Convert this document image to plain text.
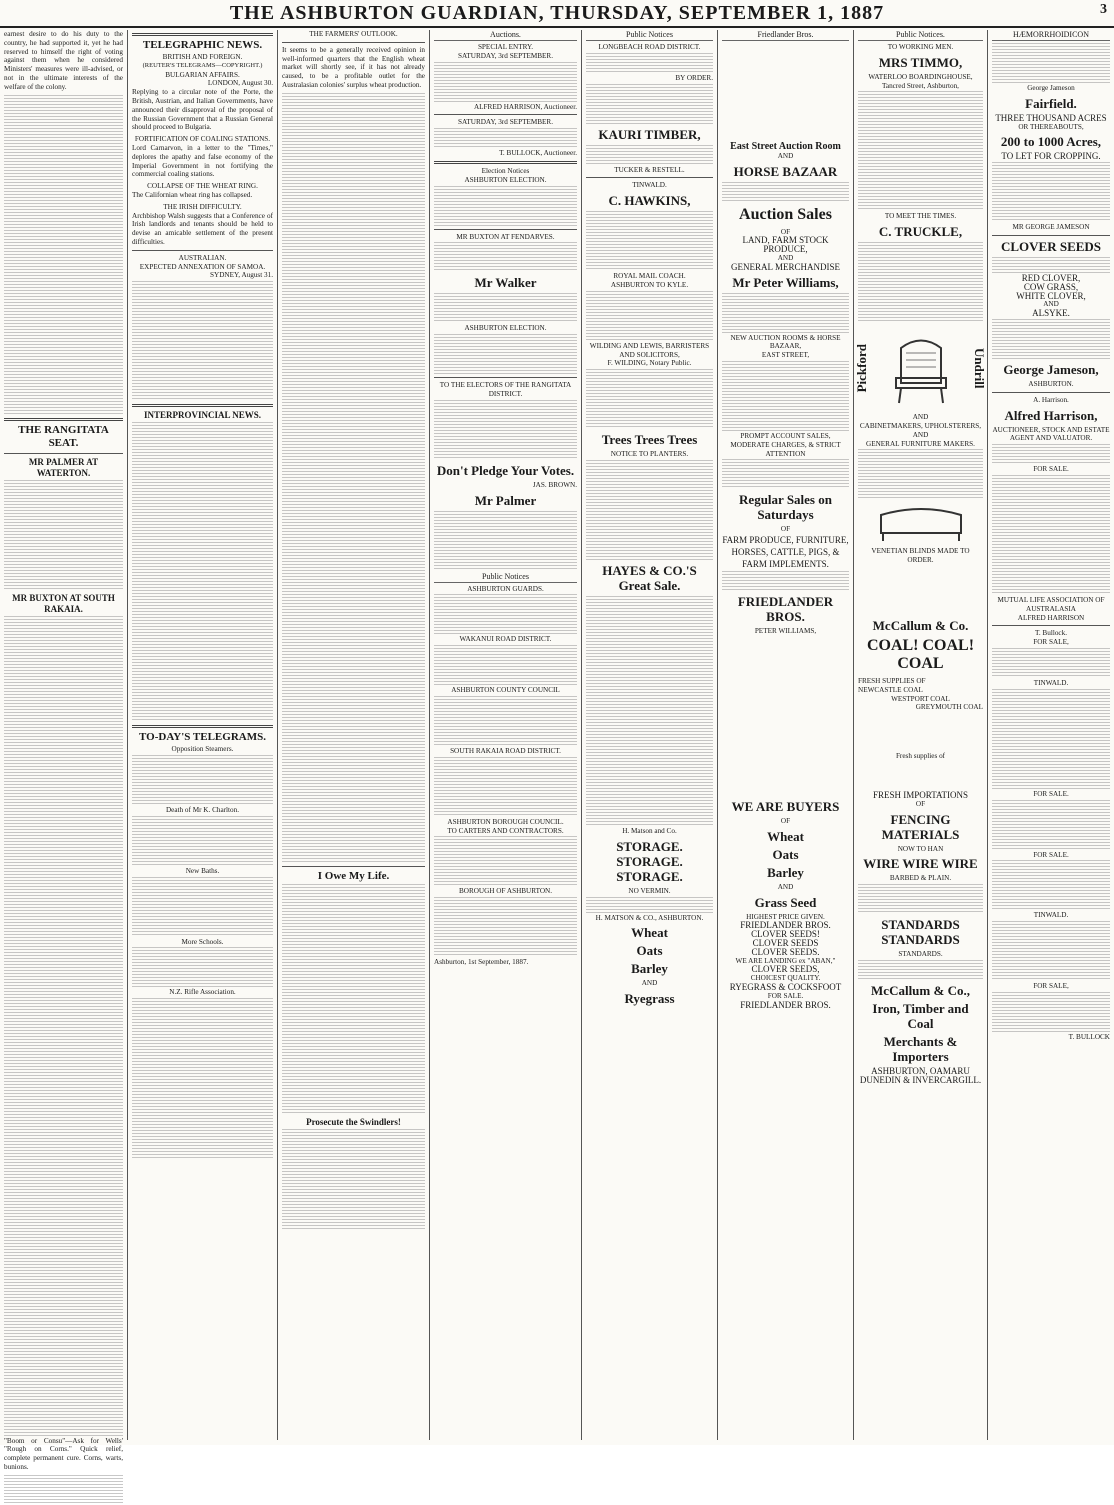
THE ASHBURTON GUARDIAN, THURSDAY, SEPTEMBER 1, 1887	3

earnest desire to do his duty to the country, he had supported it, yet he had reserved to himself the right of voting against them when he considered Ministers' measures were ill-advised, or not in the ultimate interests of the welfare of the colony.

THE RANGITATA SEAT.
MR PALMER AT WATERTON.
MR BUXTON AT SOUTH RAKAIA.

"Boom or Consu"—Ask for Wells' "Rough on Corns." Quick relief, complete permanent cure. Corns, warts, bunions.

TELEGRAPHIC NEWS.
BRITISH AND FOREIGN.
(REUTER'S TELEGRAMS—COPYRIGHT.)
BULGARIAN AFFAIRS.
LONDON, August 30.

Replying to a circular note of the Porte, the British, Austrian, and Italian Governments, have announced their disapproval of the proposal of the Russian Government that a Russian General should proceed to Bulgaria.

FORTIFICATION OF COALING STATIONS.

Lord Carnarvon, in a letter to the "Times," deplores the apathy and false economy of the Imperial Government in not fortifying the commercial coaling stations.

COLLAPSE OF THE WHEAT RING.

The Californian wheat ring has collapsed.

THE IRISH DIFFICULTY.

Archbishop Walsh suggests that a Conference of Irish landlords and tenants should be held to devise an amicable settlement of the present difficulties.

AUSTRALIAN.
EXPECTED ANNEXATION OF SAMOA.
SYDNEY, August 31.
INTERPROVINCIAL NEWS.
TO-DAY'S TELEGRAMS.
Opposition Steamers.
Death of Mr K. Charlton.
New Baths.
More Schools.
N.Z. Rifle Association.
THE FARMERS' OUTLOOK.

It seems to be a generally received opinion in well-informed quarters that the English wheat market will shortly see, if it has not already caused, to be a profitable outlet for the Australasian colonies' surplus wheat production.

I Owe My Life.
Prosecute the Swindlers!
Auctions.
SPECIAL ENTRY.
SATURDAY, 3rd SEPTEMBER.
ALFRED HARRISON, Auctioneer.
SATURDAY, 3rd SEPTEMBER.
T. BULLOCK, Auctioneer.
Election Notices
ASHBURTON ELECTION.
MR BUXTON AT FENDARVES.
Mr Walker
ASHBURTON ELECTION.
TO THE ELECTORS OF THE RANGITATA DISTRICT.
Don't Pledge Your Votes.
JAS. BROWN.
Mr Palmer
Public Notices
ASHBURTON GUARDS.
WAKANUI ROAD DISTRICT.
ASHBURTON COUNTY COUNCIL
SOUTH RAKAIA ROAD DISTRICT.
ASHBURTON BOROUGH COUNCIL.
TO CARTERS AND CONTRACTORS.
BOROUGH OF ASHBURTON.
Ashburton, 1st September, 1887.
Public Notices
LONGBEACH ROAD DISTRICT.
BY ORDER.
KAURI TIMBER,
TUCKER & RESTELL.
TINWALD.
C. HAWKINS,
ROYAL MAIL COACH.
ASHBURTON TO KYLE.
WILDING AND LEWIS, BARRISTERS AND SOLICITORS,
F. WILDING, Notary Public.
Trees Trees Trees
NOTICE TO PLANTERS.
HAYES & CO.'S Great Sale.
H. Matson and Co.
STORAGE. STORAGE. STORAGE.
NO VERMIN.
H. MATSON & CO., ASHBURTON.
Wheat
Oats
Barley
AND
Ryegrass
Friedlander Bros.
East Street Auction Room
AND
HORSE BAZAAR
Auction Sales
OF
LAND, FARM STOCK PRODUCE,
AND
GENERAL MERCHANDISE
Mr Peter Williams,
NEW AUCTION ROOMS & HORSE BAZAAR,
EAST STREET,
PROMPT ACCOUNT SALES, MODERATE CHARGES, & STRICT ATTENTION
Regular Sales on Saturdays
OF
FARM PRODUCE, FURNITURE, HORSES, CATTLE, PIGS, & FARM IMPLEMENTS.
FRIEDLANDER BROS.
PETER WILLIAMS,
WE ARE BUYERS
OF
Wheat
Oats
Barley
AND
Grass Seed
HIGHEST PRICE GIVEN.
FRIEDLANDER BROS.
CLOVER SEEDS!
CLOVER SEEDS
CLOVER SEEDS.
WE ARE LANDING ex "ABAN,"
CLOVER SEEDS,
CHOICEST QUALITY.
RYEGRASS & COCKSFOOT
FOR SALE.
FRIEDLANDER BROS.
Public Notices.
TO WORKING MEN.
MRS TIMMO,
WATERLOO BOARDINGHOUSE,
Tancred Street, Ashburton,
TO MEET THE TIMES.
C. TRUCKLE,
Pickford	Undrill
AND
CABINETMAKERS, UPHOLSTERERS,
AND
GENERAL FURNITURE MAKERS.
VENETIAN BLINDS MADE TO ORDER.
McCallum & Co.
COAL! COAL! COAL
FRESH SUPPLIES OF
NEWCASTLE COAL
WESTPORT COAL
GREYMOUTH COAL
Fresh supplies of
FRESH IMPORTATIONS
OF
FENCING MATERIALS
NOW TO HAN
WIRE WIRE WIRE
BARBED & PLAIN.
STANDARDS STANDARDS
STANDARDS.
McCallum & Co.,
Iron, Timber and Coal
Merchants & Importers
ASHBURTON, OAMARU
DUNEDIN & INVERCARGILL.
HÆMORRHOIDICON
George Jameson
Fairfield.
THREE THOUSAND ACRES
OR THEREABOUTS,
200 to 1000 Acres,
TO LET FOR CROPPING.
MR GEORGE JAMESON
CLOVER SEEDS
RED CLOVER,
COW GRASS,
WHITE CLOVER,
AND
ALSYKE.
George Jameson,
ASHBURTON.
A. Harrison.
Alfred Harrison,
AUCTIONEER, STOCK AND ESTATE AGENT AND VALUATOR.
FOR SALE.
MUTUAL LIFE ASSOCIATION OF AUSTRALASIA
ALFRED HARRISON
T. Bullock.
FOR SALE,
TINWALD.
FOR SALE.
FOR SALE.
TINWALD.
FOR SALE,
T. BULLOCK
